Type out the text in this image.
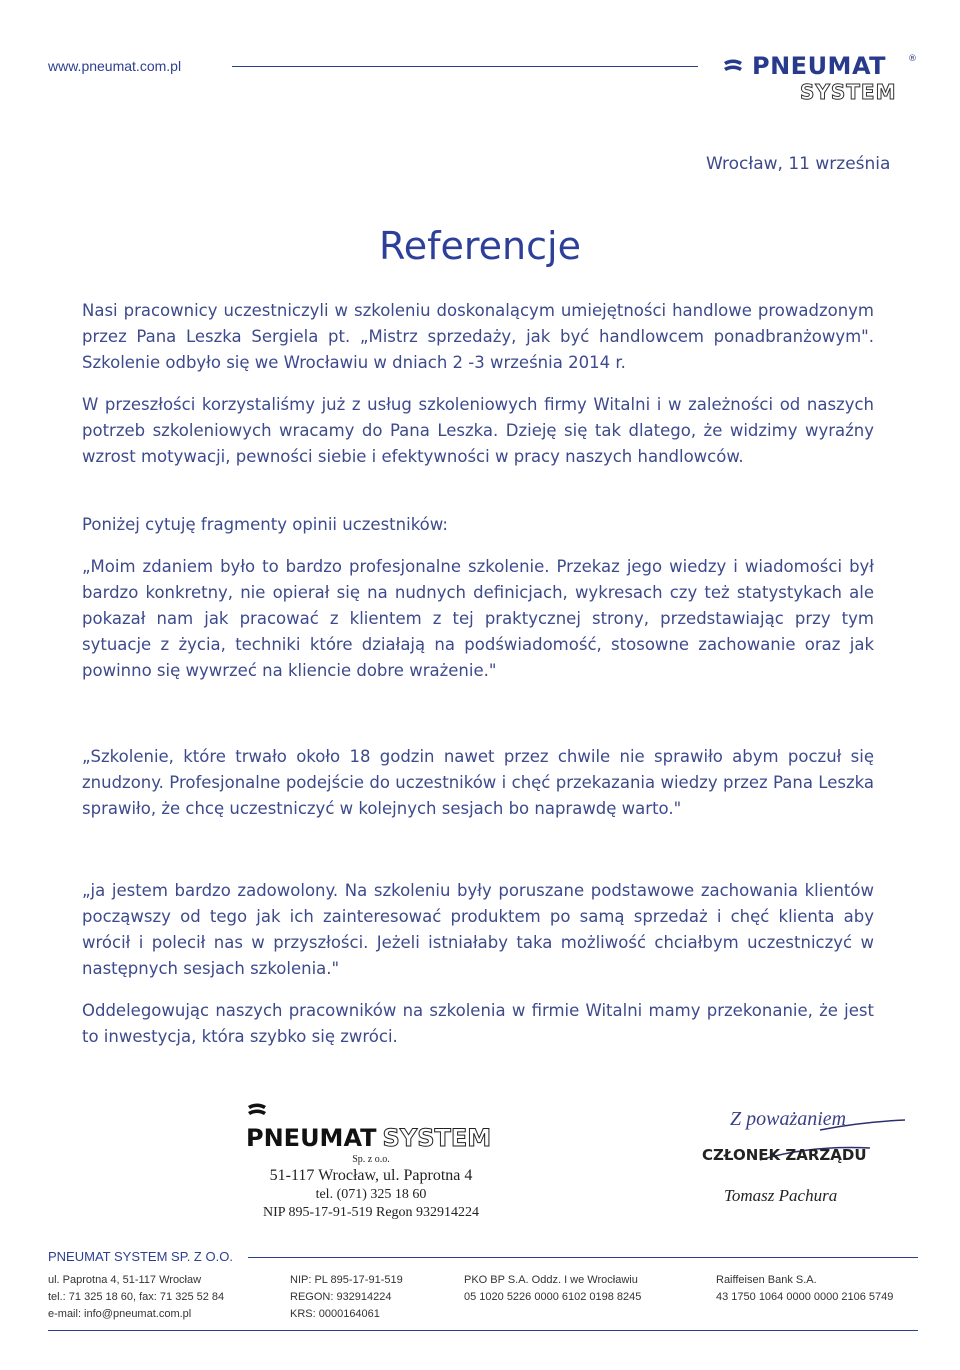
www.pneumat.com.pl	PNEUMAT ®
SYSTEM
Wrocław, 11 września
Referencje
Nasi pracownicy uczestniczyli w szkoleniu doskonalącym umiejętności handlowe prowadzonym przez Pana Leszka Sergiela pt. „Mistrz sprzedaży, jak być handlowcem ponadbranżowym". Szkolenie odbyło się we Wrocławiu w dniach 2 -3 września 2014 r.
W przeszłości korzystaliśmy już z usług szkoleniowych firmy Witalni i w zależności od naszych potrzeb szkoleniowych wracamy do Pana Leszka. Dzieję się tak dlatego, że widzimy wyraźny wzrost motywacji, pewności siebie i efektywności w pracy naszych handlowców.
Poniżej cytuję fragmenty opinii uczestników:
„Moim zdaniem było to bardzo profesjonalne szkolenie. Przekaz jego wiedzy i wiadomości był bardzo konkretny, nie opierał się na nudnych definicjach, wykresach czy też statystykach ale pokazał nam jak pracować z klientem z tej praktycznej strony, przedstawiając przy tym sytuacje z życia, techniki które działają na podświadomość, stosowne zachowanie oraz jak powinno się wywrzeć na kliencie dobre wrażenie."
„Szkolenie, które trwało około 18 godzin nawet przez chwile nie sprawiło abym poczuł się znudzony. Profesjonalne podejście do uczestników i chęć przekazania wiedzy przez Pana Leszka sprawiło, że chcę uczestniczyć w kolejnych sesjach bo naprawdę warto."
„ja jestem bardzo zadowolony. Na szkoleniu były poruszane podstawowe zachowania klientów począwszy od tego jak ich zainteresować produktem po samą sprzedaż i chęć klienta aby wrócił i polecił nas w przyszłości. Jeżeli istniałaby taka możliwość chciałbym uczestniczyć w następnych sesjach szkolenia."
Oddelegowując naszych pracowników na szkolenia w firmie Witalni mamy przekonanie, że jest to inwestycja, która szybko się zwróci.
PNEUMAT SYSTEM
Sp. z o.o.
51-117 Wrocław, ul. Paprotna 4
tel. (071) 325 18 60
NIP 895-17-91-519 Regon 932914224
Z poważaniem
CZŁONEK ZARZĄDU
Tomasz Pachura
PNEUMAT SYSTEM SP. Z O.O.
ul. Paprotna 4, 51-117 Wrocław
tel.: 71 325 18 60, fax: 71 325 52 84
e-mail: info@pneumat.com.pl
NIP: PL 895-17-91-519
REGON: 932914224
KRS: 0000164061
PKO BP S.A. Oddz. I we Wrocławiu
05 1020 5226 0000 6102 0198 8245
Raiffeisen Bank S.A.
43 1750 1064 0000 0000 2106 5749
